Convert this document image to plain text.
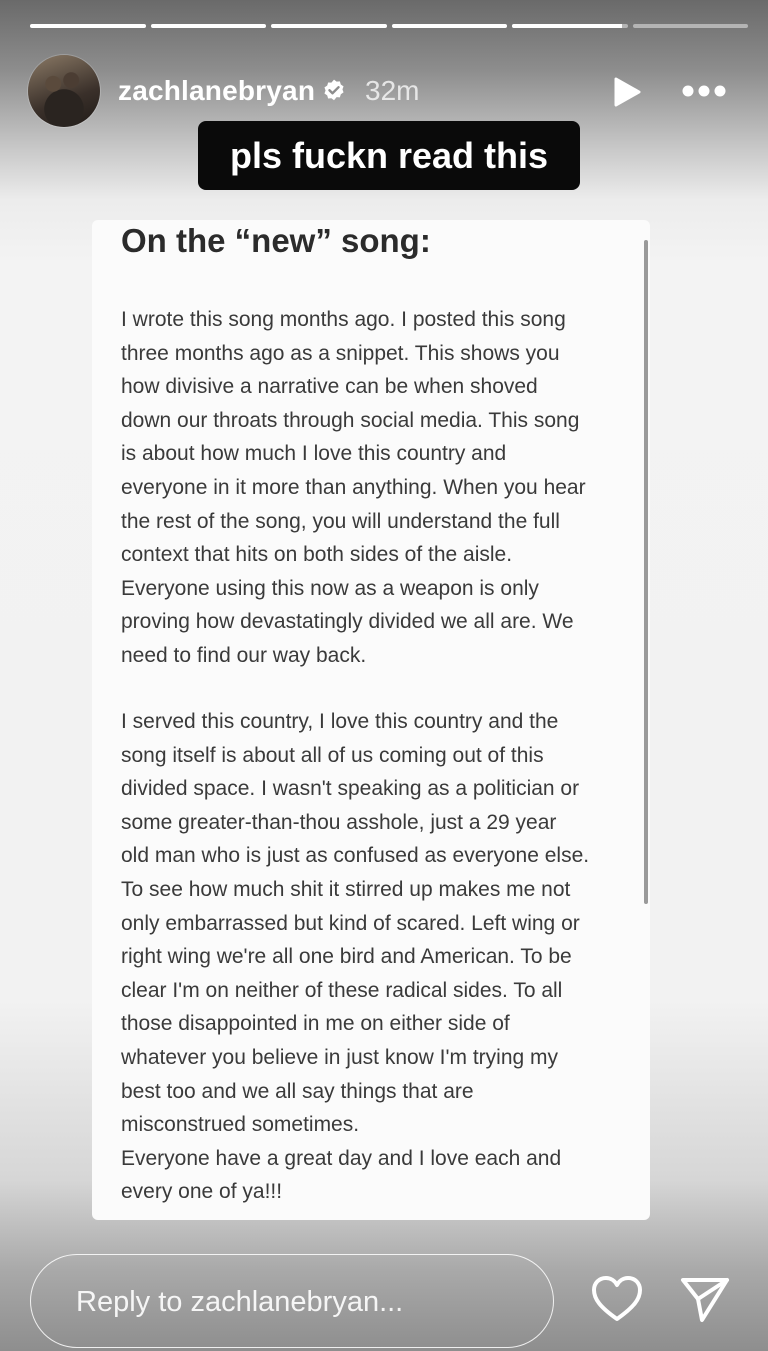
zachlanebryan 32m
pls fuckn read this
On the “new” song:
I wrote this song months ago. I posted this song
three months ago as a snippet. This shows you
how divisive a narrative can be when shoved
down our throats through social media. This song
is about how much I love this country and
everyone in it more than anything. When you hear
the rest of the song, you will understand the full
context that hits on both sides of the aisle.
Everyone using this now as a weapon is only
proving how devastatingly divided we all are. We
need to find our way back.
I served this country, I love this country and the
song itself is about all of us coming out of this
divided space. I wasn't speaking as a politician or
some greater-than-thou asshole, just a 29 year
old man who is just as confused as everyone else.
To see how much shit it stirred up makes me not
only embarrassed but kind of scared. Left wing or
right wing we're all one bird and American. To be
clear I'm on neither of these radical sides. To all
those disappointed in me on either side of
whatever you believe in just know I'm trying my
best too and we all say things that are
misconstrued sometimes.
Everyone have a great day and I love each and
every one of ya!!!
Reply to zachlanebryan...
